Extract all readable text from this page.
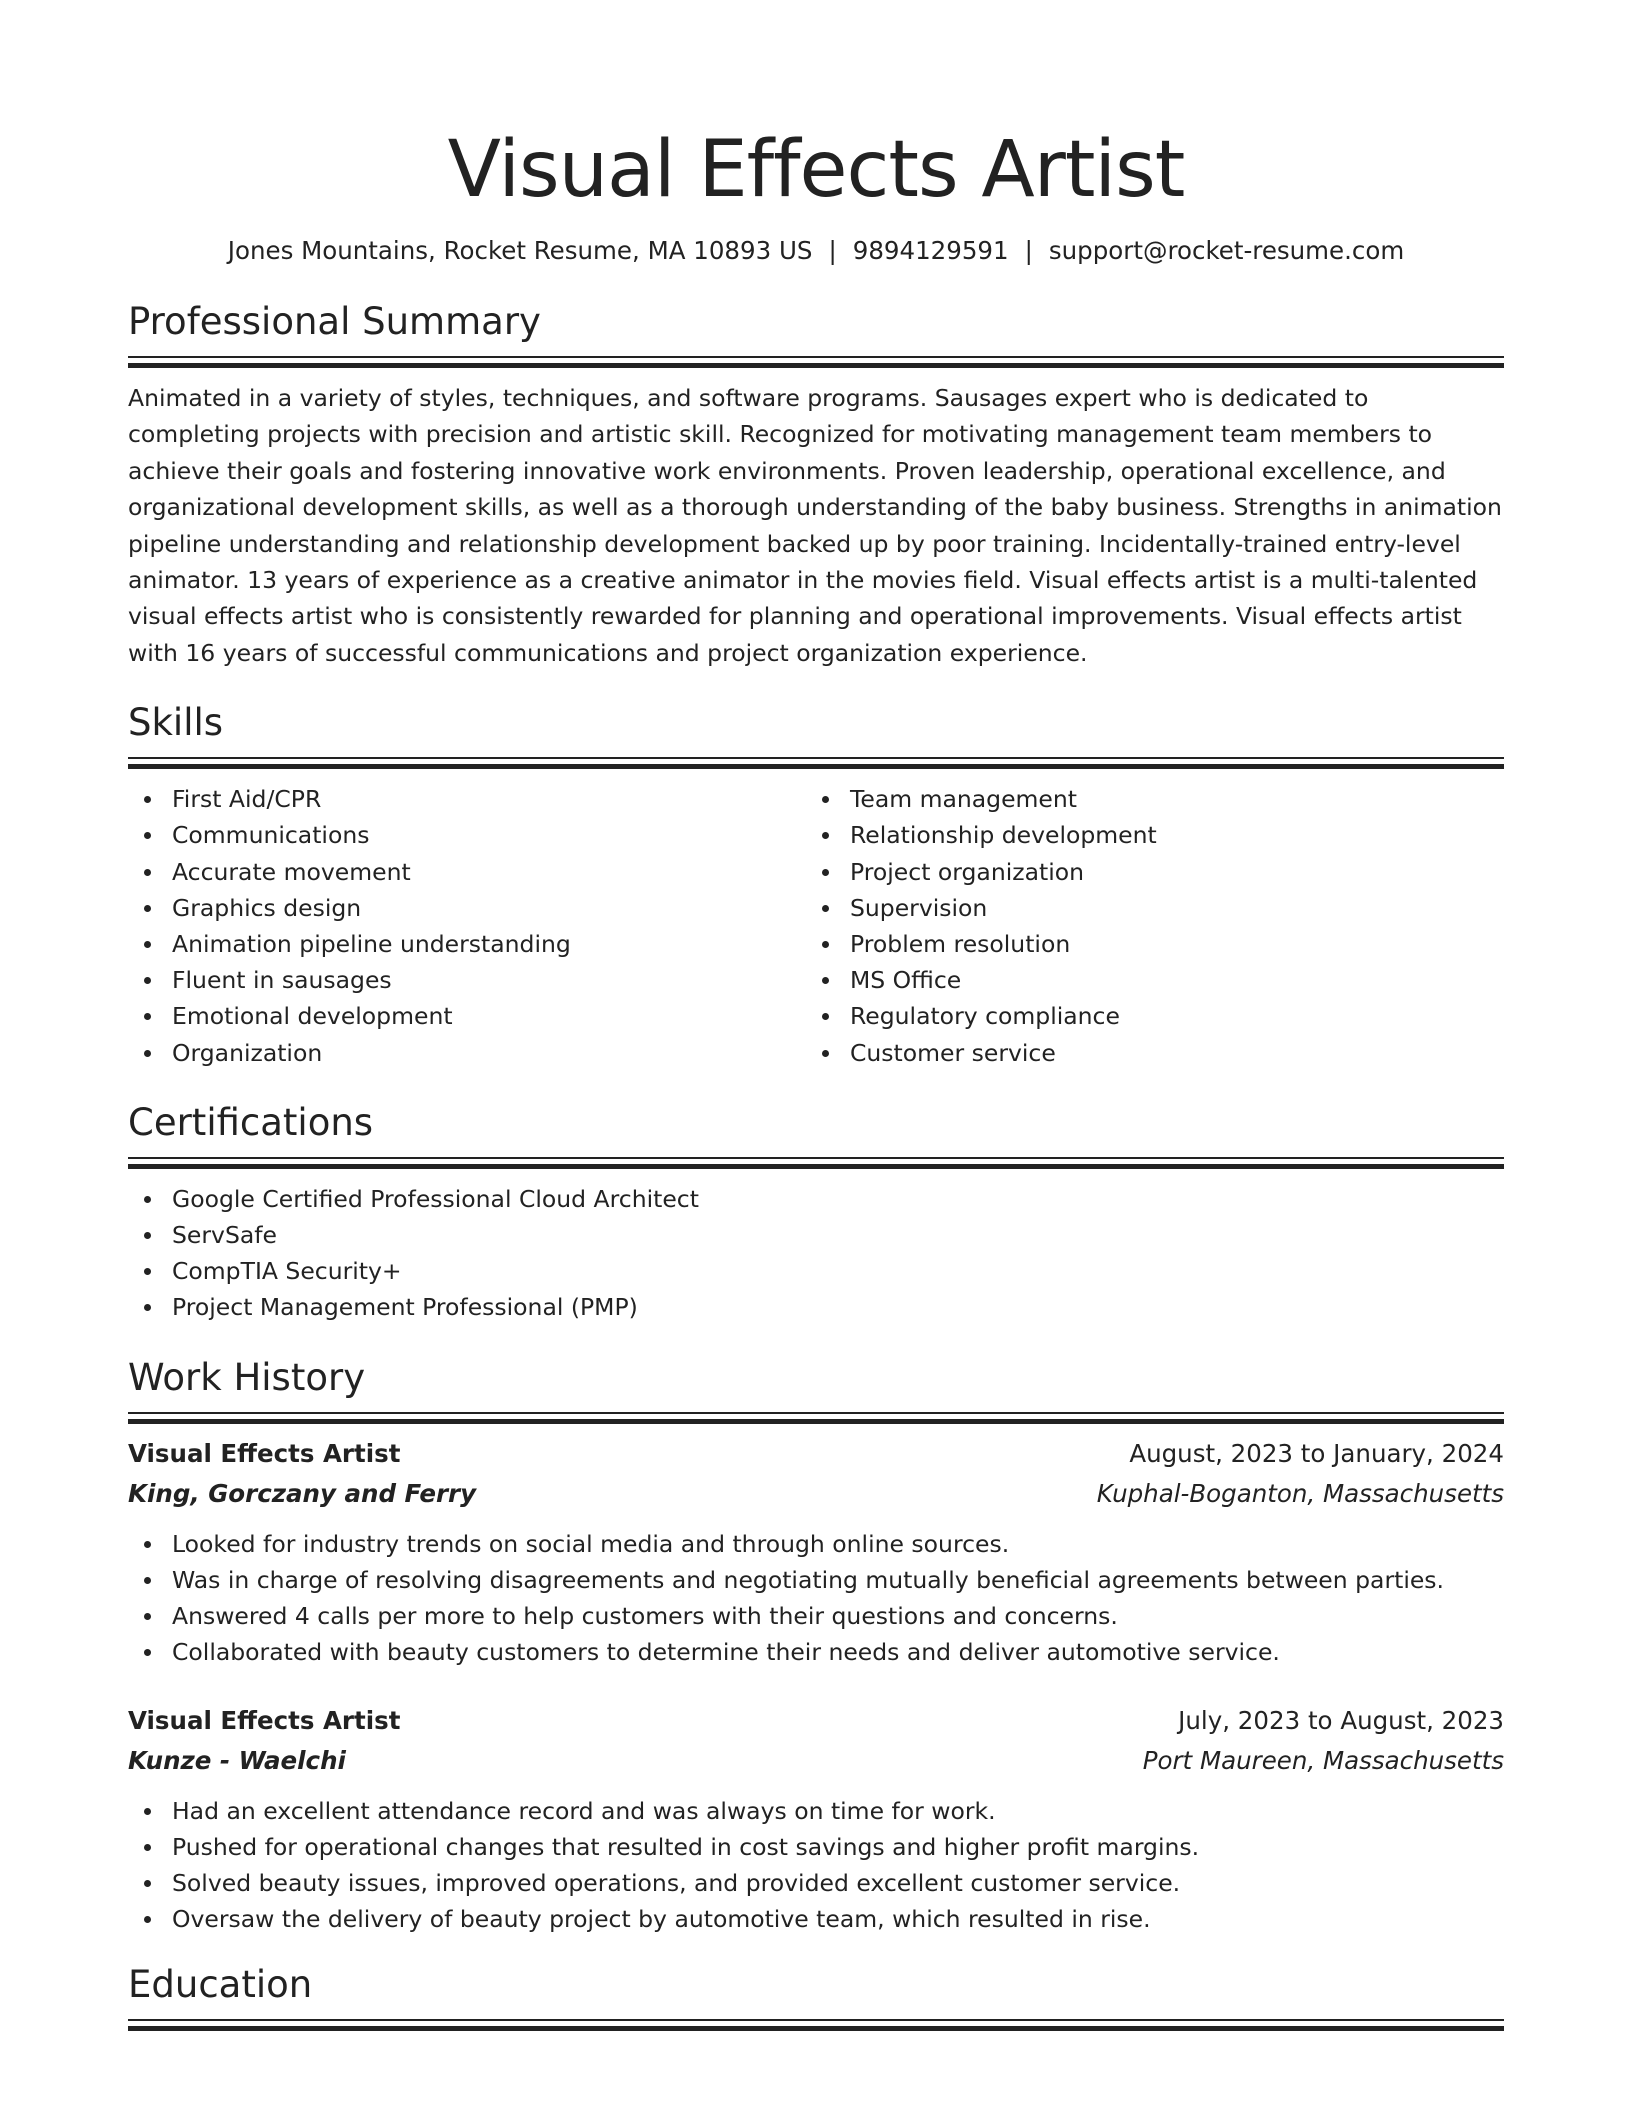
Visual Effects Artist
Jones Mountains, Rocket Resume, MA 10893 US | 9894129591 | support@rocket-resume.com
Professional Summary

Animated in a variety of styles, techniques, and software programs. Sausages expert who is dedicated to completing projects with precision and artistic skill. Recognized for motivating management team members to achieve their goals and fostering innovative work environments. Proven leadership, operational excellence, and organizational development skills, as well as a thorough understanding of the baby business. Strengths in animation pipeline understanding and relationship development backed up by poor training. Incidentally-trained entry-level animator. 13 years of experience as a creative animator in the movies field. Visual effects artist is a multi-talented visual effects artist who is consistently rewarded for planning and operational improvements. Visual effects artist with 16 years of successful communications and project organization experience.

Skills
First Aid/CPR
Communications
Accurate movement
Graphics design
Animation pipeline understanding
Fluent in sausages
Emotional development
Organization
Team management
Relationship development
Project organization
Supervision
Problem resolution
MS Office
Regulatory compliance
Customer service
Certifications
Google Certified Professional Cloud Architect
ServSafe
CompTIA Security+
Project Management Professional (PMP)
Work History
Visual Effects Artist	August, 2023 to January, 2024
King, Gorczany and Ferry	Kuphal-Boganton, Massachusetts
Looked for industry trends on social media and through online sources.
Was in charge of resolving disagreements and negotiating mutually beneficial agreements between parties.
Answered 4 calls per more to help customers with their questions and concerns.
Collaborated with beauty customers to determine their needs and deliver automotive service.
Visual Effects Artist	July, 2023 to August, 2023
Kunze - Waelchi	Port Maureen, Massachusetts
Had an excellent attendance record and was always on time for work.
Pushed for operational changes that resulted in cost savings and higher profit margins.
Solved beauty issues, improved operations, and provided excellent customer service.
Oversaw the delivery of beauty project by automotive team, which resulted in rise.
Education
